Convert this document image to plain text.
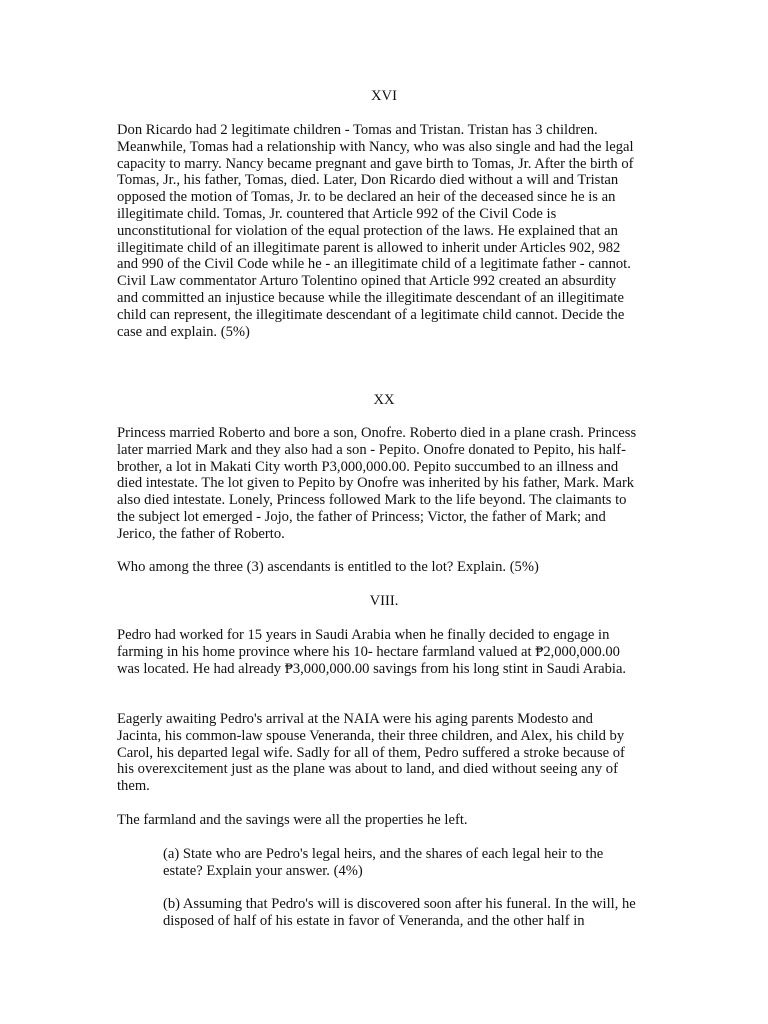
XVI

Don Ricardo had 2 legitimate children - Tomas and Tristan. Tristan has 3 children. Meanwhile, Tomas had a relationship with Nancy, who was also single and had the legal capacity to marry. Nancy became pregnant and gave birth to Tomas, Jr. After the birth of Tomas, Jr., his father, Tomas, died. Later, Don Ricardo died without a will and Tristan opposed the motion of Tomas, Jr. to be declared an heir of the deceased since he is an illegitimate child. Tomas, Jr. countered that Article 992 of the Civil Code is unconstitutional for violation of the equal protection of the laws. He explained that an illegitimate child of an illegitimate parent is allowed to inherit under Articles 902, 982 and 990 of the Civil Code while he - an illegitimate child of a legitimate father - cannot. Civil Law commentator Arturo Tolentino opined that Article 992 created an absurdity and committed an injustice because while the illegitimate descendant of an illegitimate child can represent, the illegitimate descendant of a legitimate child cannot. Decide the case and explain. (5%)

XX

Princess married Roberto and bore a son, Onofre. Roberto died in a plane crash. Princess later married Mark and they also had a son - Pepito. Onofre donated to Pepito, his half-brother, a lot in Makati City worth P3,000,000.00. Pepito succumbed to an illness and died intestate. The lot given to Pepito by Onofre was inherited by his father, Mark. Mark also died intestate. Lonely, Princess followed Mark to the life beyond. The claimants to the subject lot emerged - Jojo, the father of Princess; Victor, the father of Mark; and Jerico, the father of Roberto.

Who among the three (3) ascendants is entitled to the lot? Explain. (5%)

VIII.

Pedro had worked for 15 years in Saudi Arabia when he finally decided to engage in farming in his home province where his 10- hectare farmland valued at ₱2,000,000.00 was located. He had already ₱3,000,000.00 savings from his long stint in Saudi Arabia.

Eagerly awaiting Pedro's arrival at the NAIA were his aging parents Modesto and Jacinta, his common-law spouse Veneranda, their three children, and Alex, his child by Carol, his departed legal wife. Sadly for all of them, Pedro suffered a stroke because of his overexcitement just as the plane was about to land, and died without seeing any of them.

The farmland and the savings were all the properties he left.

(a) State who are Pedro's legal heirs, and the shares of each legal heir to the estate? Explain your answer. (4%)

(b) Assuming that Pedro's will is discovered soon after his funeral. In the will, he disposed of half of his estate in favor of Veneranda, and the other half in
